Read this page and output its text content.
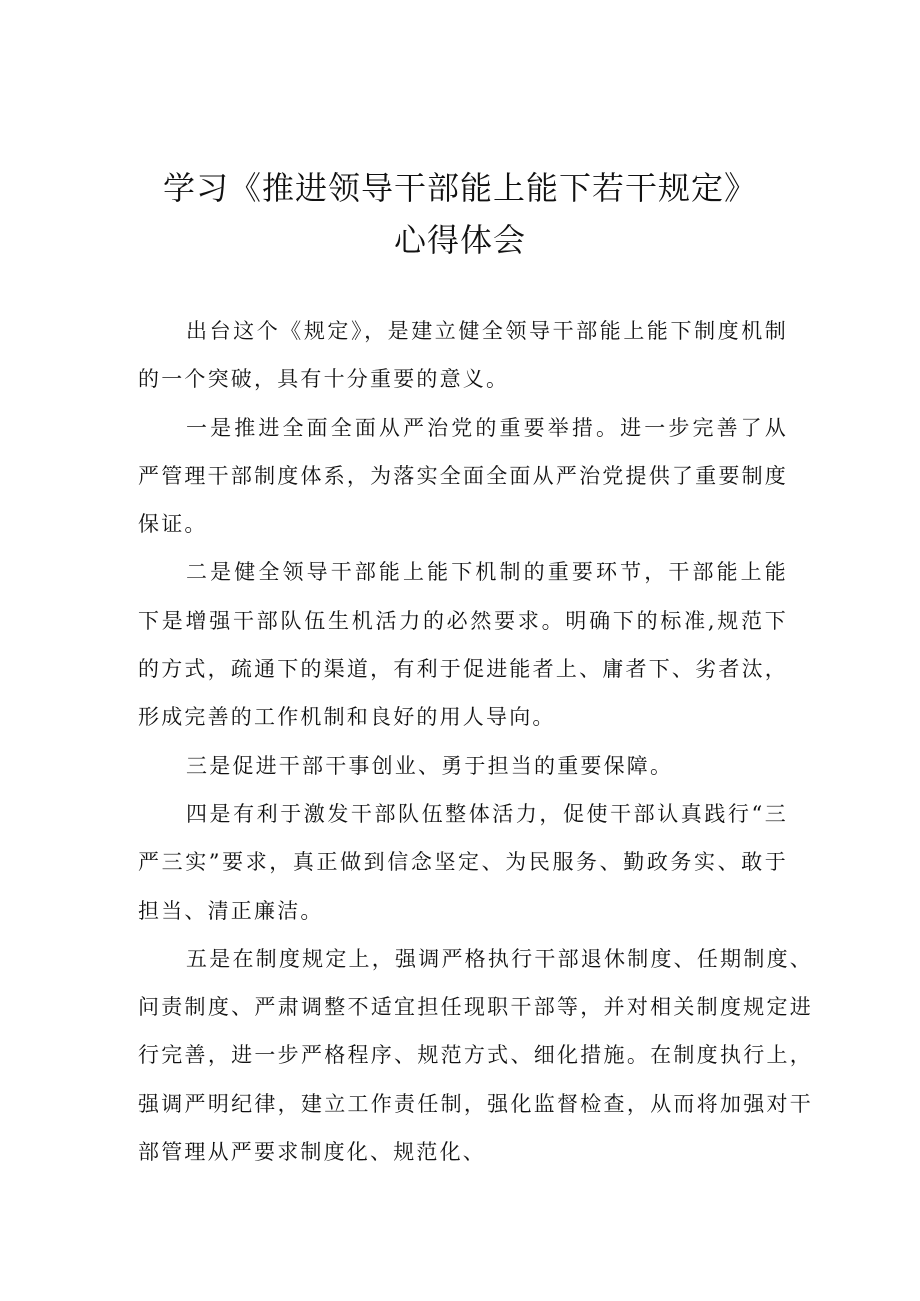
学习《推进领导干部能上能下若干规定》
心得体会

出台这个《规定》，是建立健全领导干部能上能下制度机制的一个突破，具有十分重要的意义。

一是推进全面全面从严治党的重要举措。进一步完善了从严管理干部制度体系，为落实全面全面从严治党提供了重要制度保证。

二是健全领导干部能上能下机制的重要环节，干部能上能下是增强干部队伍生机活力的必然要求。明确下的标准,规范下的方式，疏通下的渠道，有利于促进能者上、庸者下、劣者汰，形成完善的工作机制和良好的用人导向。

三是促进干部干事创业、勇于担当的重要保障。

四是有利于激发干部队伍整体活力，促使干部认真践行“三严三实”要求，真正做到信念坚定、为民服务、勤政务实、敢于担当、清正廉洁。

五是在制度规定上，强调严格执行干部退休制度、任期制度、问责制度、严肃调整不适宜担任现职干部等，并对相关制度规定进行完善，进一步严格程序、规范方式、细化措施。在制度执行上，强调严明纪律，建立工作责任制，强化监督检查，从而将加强对干部管理从严要求制度化、规范化、
